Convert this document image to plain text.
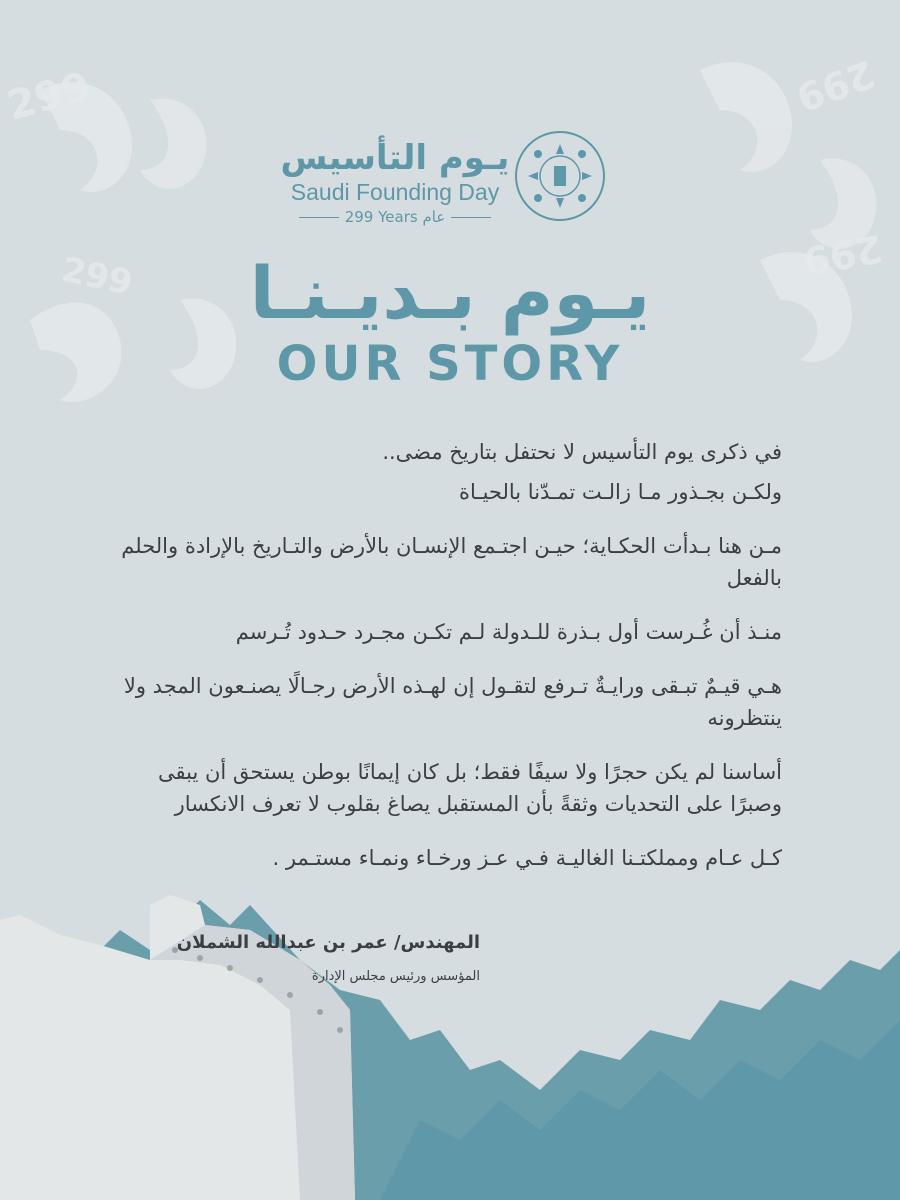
299
299
299
299
يـوم التأسيس
Saudi Founding Day
299 Years عام
يـوم بـديـنـا
OUR STORY

في ذكرى يوم التأسيس لا نحتفل بتاريخ مضى..

ولكـن بجـذور مـا زالـت تمـدّنا بالحيـاة

مـن هنا بـدأت الحكـاية؛ حيـن اجتـمع الإنسـان بالأرض والتـاريخ بالإرادة والحلم بالفعل

منـذ أن غُـرست أول بـذرة للـدولة لـم تكـن مجـرد حـدود تُـرسم

هـي قيـمٌ تبـقى ورايـةٌ تـرفع لتقـول إن لهـذه الأرض رجـالًا يصنـعون المجد ولا ينتظرونه

أساسنا لم يكن حجرًا ولا سيفًا فقط؛ بل كان إيمانًا بوطن يستحق أن يبقى وصبرًا على التحديات وثقةً بأن المستقبل يصاغ بقلوب لا تعرف الانكسار

كـل عـام ومملكتـنا الغاليـة فـي عـز ورخـاء ونمـاء مستـمر .

المهندس/ عمر بن عبدالله الشملان
المؤسس ورئيس مجلس الإدارة
